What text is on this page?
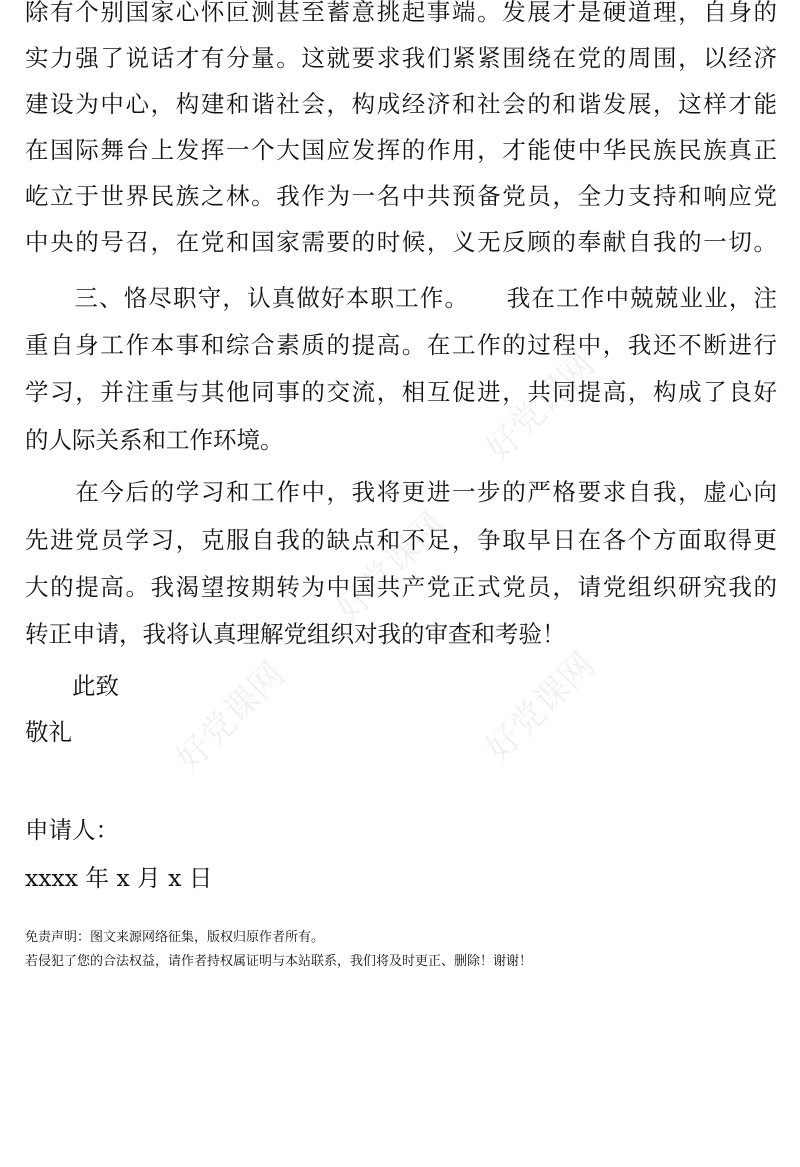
除有个别国家心怀叵测甚至蓄意挑起事端。发展才是硬道理，自身的
实力强了说话才有分量。这就要求我们紧紧围绕在党的周围，以经济
建设为中心，构建和谐社会，构成经济和社会的和谐发展，这样才能
在国际舞台上发挥一个大国应发挥的作用，才能使中华民族民族真正
屹立于世界民族之林。我作为一名中共预备党员，全力支持和响应党
中央的号召，在党和国家需要的时候，义无反顾的奉献自我的一切。
　　三、恪尽职守，认真做好本职工作。　　我在工作中兢兢业业，注
重自身工作本事和综合素质的提高。在工作的过程中，我还不断进行
学习，并注重与其他同事的交流，相互促进，共同提高，构成了良好
的人际关系和工作环境。
　　在今后的学习和工作中，我将更进一步的严格要求自我，虚心向
先进党员学习，克服自我的缺点和不足，争取早日在各个方面取得更
大的提高。我渴望按期转为中国共产党正式党员，请党组织研究我的
转正申请，我将认真理解党组织对我的审查和考验！
　　此致
敬礼
申请人：
xxxx 年 x 月 x 日
免责声明：图文来源网络征集，版权归原作者所有。
若侵犯了您的合法权益，请作者持权属证明与本站联系，我们将及时更正、删除！谢谢！
好党课网
好党课网
好党课网
好党课网
